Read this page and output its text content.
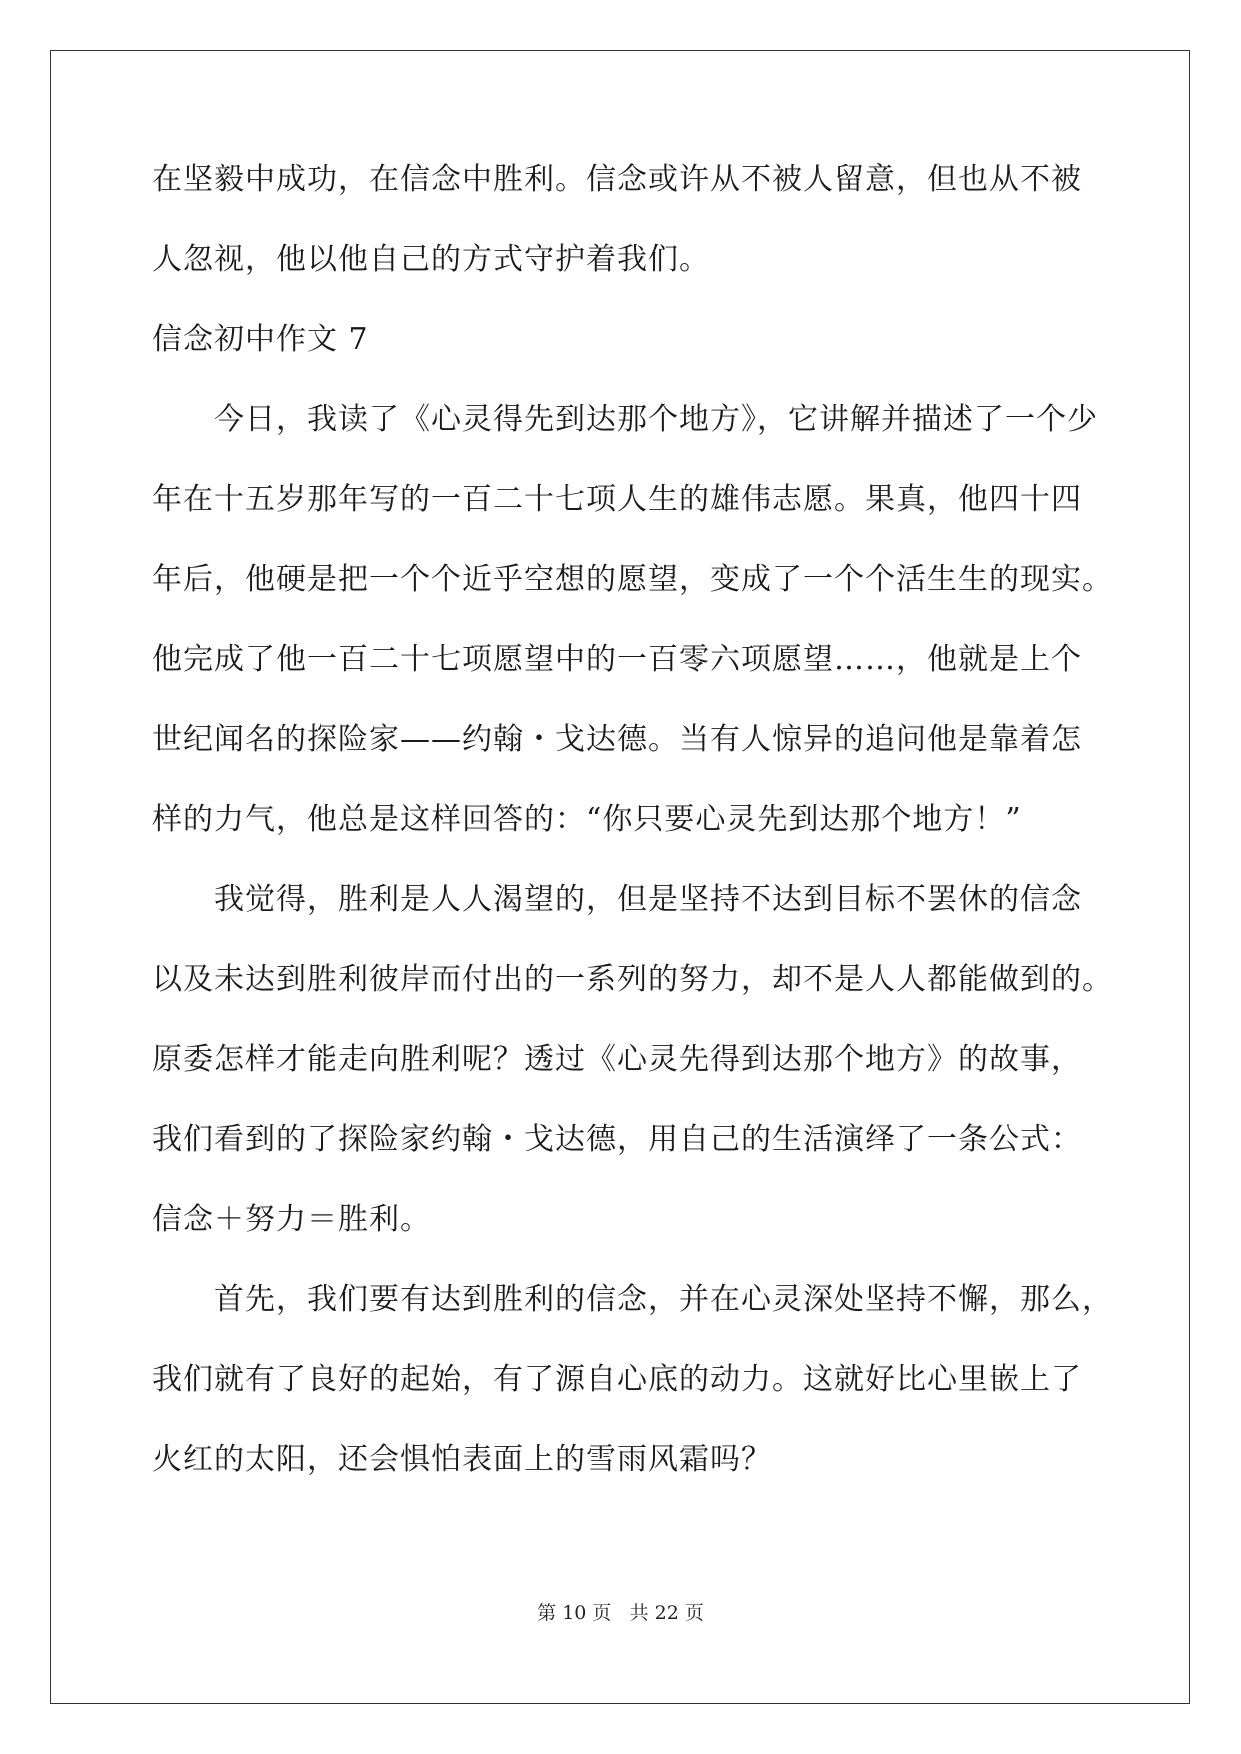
在坚毅中成功，在信念中胜利。信念或许从不被人留意，但也从不被
人忽视，他以他自己的方式守护着我们。
信念初中作文 7
今日，我读了《心灵得先到达那个地方》，它讲解并描述了一个少
年在十五岁那年写的一百二十七项人生的雄伟志愿。果真，他四十四
年后，他硬是把一个个近乎空想的愿望，变成了一个个活生生的现实。
他完成了他一百二十七项愿望中的一百零六项愿望……，他就是上个
世纪闻名的探险家——约翰・戈达德。当有人惊异的追问他是靠着怎
样的力气，他总是这样回答的：“你只要心灵先到达那个地方！”
我觉得，胜利是人人渴望的，但是坚持不达到目标不罢休的信念
以及未达到胜利彼岸而付出的一系列的努力，却不是人人都能做到的。
原委怎样才能走向胜利呢？透过《心灵先得到达那个地方》的故事，
我们看到的了探险家约翰・戈达德，用自己的生活演绎了一条公式：
信念＋努力＝胜利。
首先，我们要有达到胜利的信念，并在心灵深处坚持不懈，那么，
我们就有了良好的起始，有了源自心底的动力。这就好比心里嵌上了
火红的太阳，还会惧怕表面上的雪雨风霜吗？
第 10 页 共 22 页
